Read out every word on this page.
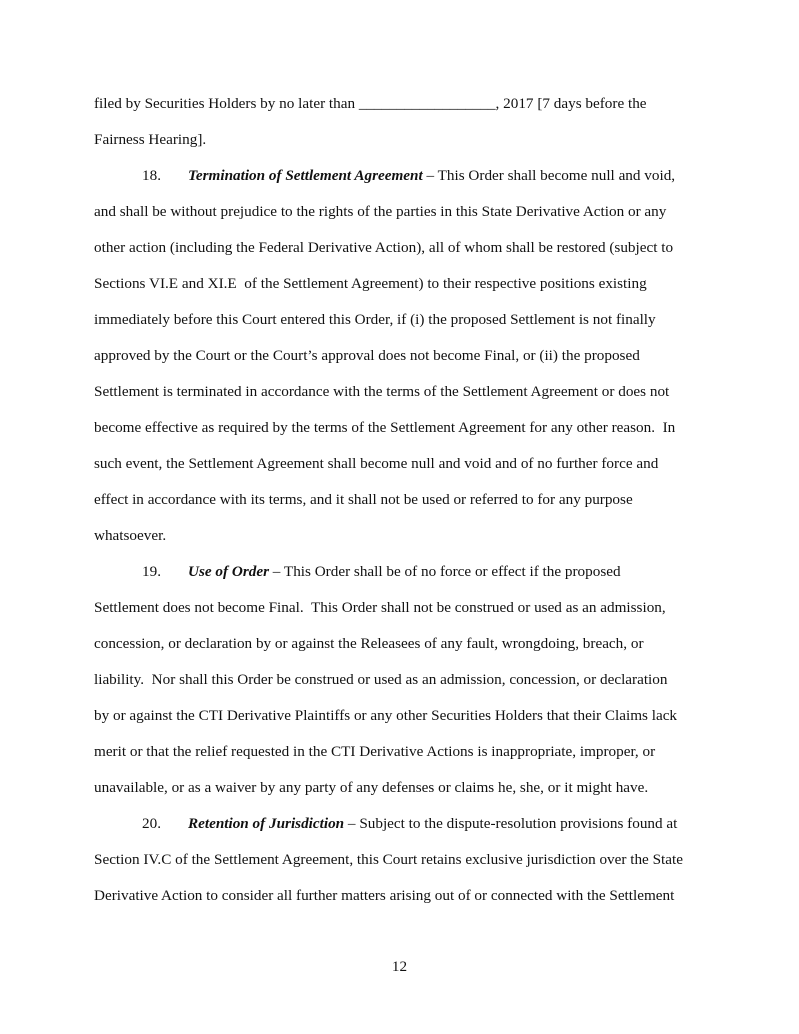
filed by Securities Holders by no later than __________________, 2017 [7 days before the
Fairness Hearing].
18. Termination of Settlement Agreement – This Order shall become null and void,
and shall be without prejudice to the rights of the parties in this State Derivative Action or any
other action (including the Federal Derivative Action), all of whom shall be restored (subject to
Sections VI.E and XI.E  of the Settlement Agreement) to their respective positions existing
immediately before this Court entered this Order, if (i) the proposed Settlement is not finally
approved by the Court or the Court’s approval does not become Final, or (ii) the proposed
Settlement is terminated in accordance with the terms of the Settlement Agreement or does not
become effective as required by the terms of the Settlement Agreement for any other reason.  In
such event, the Settlement Agreement shall become null and void and of no further force and
effect in accordance with its terms, and it shall not be used or referred to for any purpose
whatsoever.
19. Use of Order – This Order shall be of no force or effect if the proposed
Settlement does not become Final.  This Order shall not be construed or used as an admission,
concession, or declaration by or against the Releasees of any fault, wrongdoing, breach, or
liability.  Nor shall this Order be construed or used as an admission, concession, or declaration
by or against the CTI Derivative Plaintiffs or any other Securities Holders that their Claims lack
merit or that the relief requested in the CTI Derivative Actions is inappropriate, improper, or
unavailable, or as a waiver by any party of any defenses or claims he, she, or it might have.
20. Retention of Jurisdiction – Subject to the dispute-resolution provisions found at
Section IV.C of the Settlement Agreement, this Court retains exclusive jurisdiction over the State
Derivative Action to consider all further matters arising out of or connected with the Settlement
12
